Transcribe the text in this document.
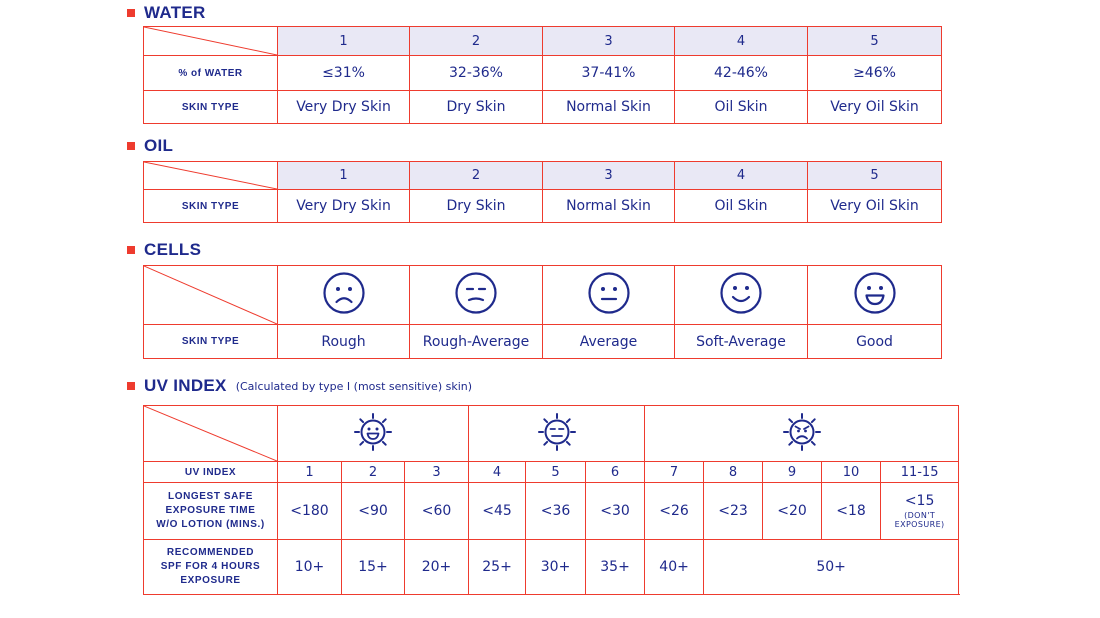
WATER
	1	2	3	4	5
% of WATER	≤31%	32-36%	37-41%	42-46%	≥46%
SKIN TYPE	Very Dry Skin	Dry Skin	Normal Skin	Oil Skin	Very Oil Skin
OIL
	1	2	3	4	5
SKIN TYPE	Very Dry Skin	Dry Skin	Normal Skin	Oil Skin	Very Oil Skin
CELLS

SKIN TYPE	Rough	Rough-Average	Average	Soft-Average	Good
UV INDEX (Calculated by type I (most sensitive) skin)

UV INDEX	1	2	3	4	5	6	7	8	9	10	11-15
LONGEST SAFE
EXPOSURE TIME
W/O LOTION (MINS.)	<180	<90	<60	<45	<36	<30	<26	<23	<20	<18	<15
(DON'T
EXPOSURE)

RECOMMENDED
SPF FOR 4 HOURS
EXPOSURE	10+	15+	20+	25+	30+	35+	40+	50+			
